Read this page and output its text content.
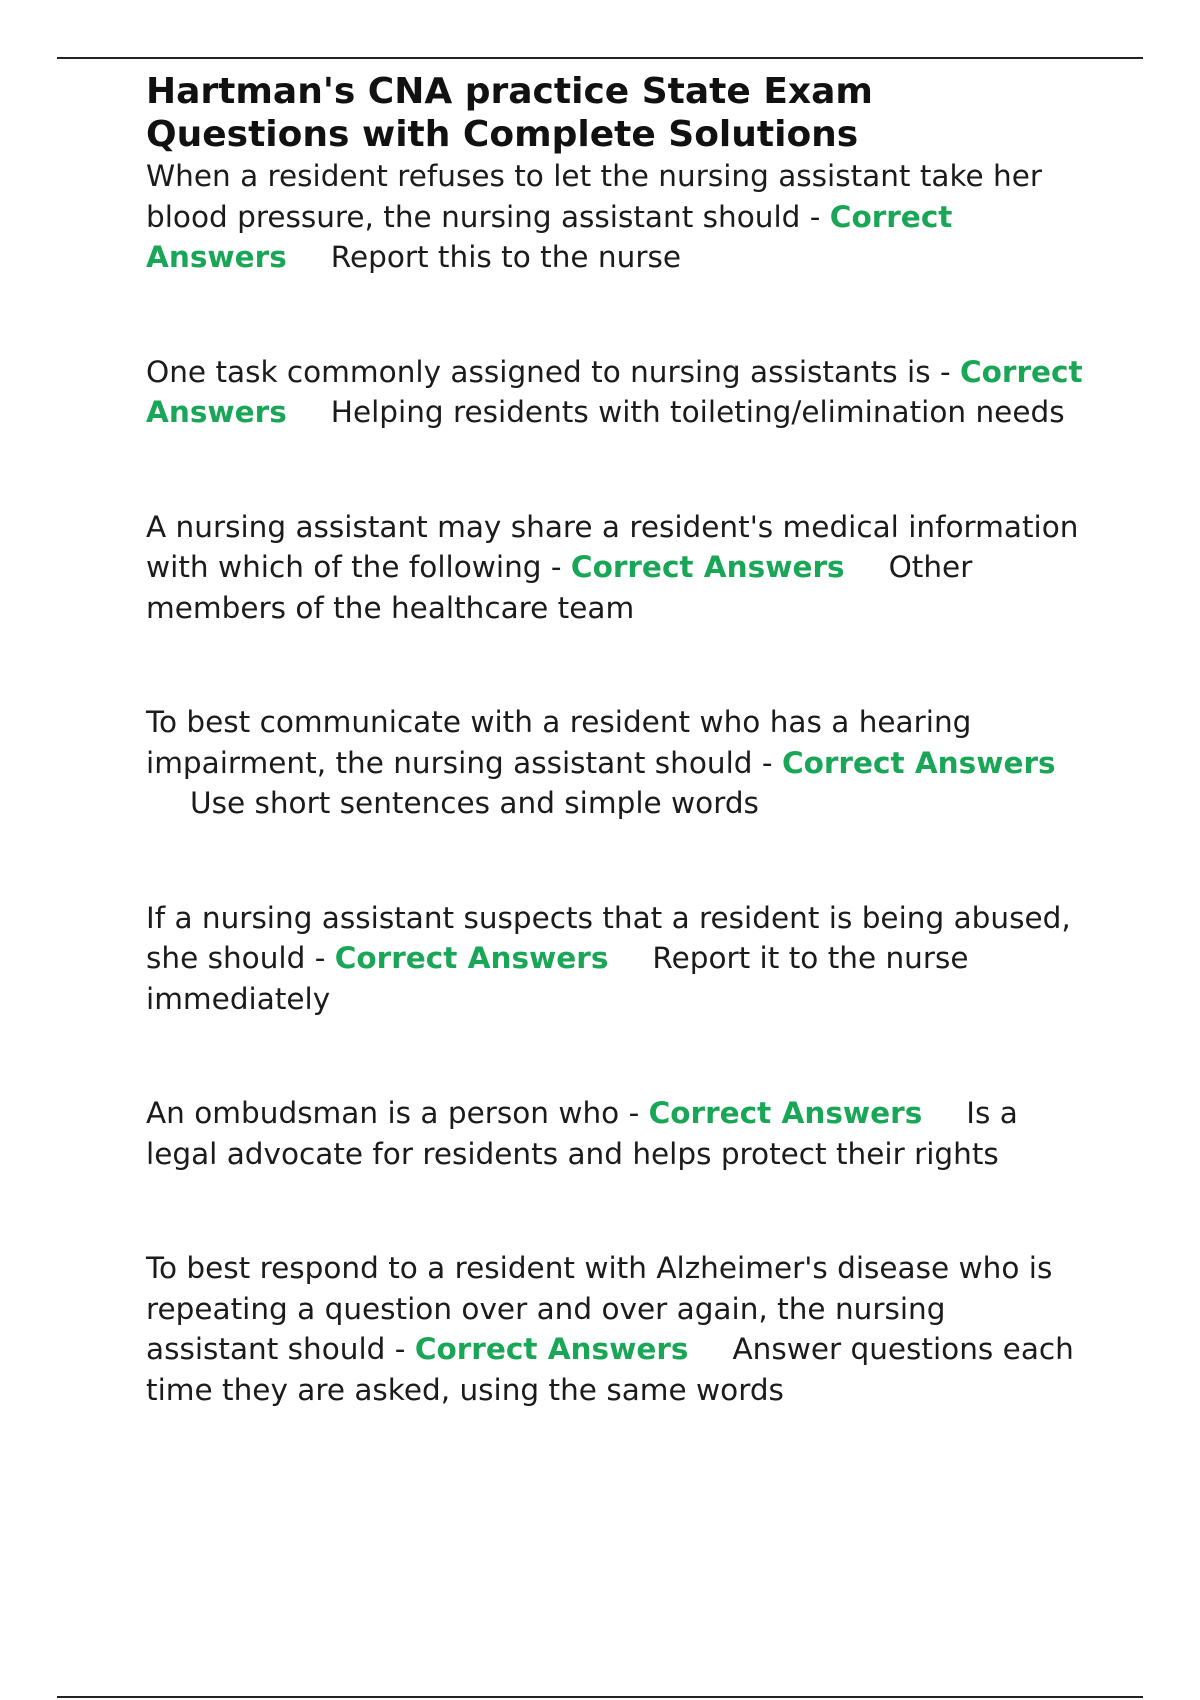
Hartman's CNA practice State Exam Questions with Complete Solutions

When a resident refuses to let the nursing assistant take her blood pressure, the nursing assistant should - Correct Answers Report this to the nurse

One task commonly assigned to nursing assistants is - Correct Answers Helping residents with toileting/elimination needs

A nursing assistant may share a resident's medical information with which of the following - Correct Answers Other members of the healthcare team

To best communicate with a resident who has a hearing impairment, the nursing assistant should - Correct AnswersUse short sentences and simple words

If a nursing assistant suspects that a resident is being abused, she should - Correct Answers Report it to the nurse immediately

An ombudsman is a person who - Correct Answers Is a legal advocate for residents and helps protect their rights

To best respond to a resident with Alzheimer's disease who is repeating a question over and over again, the nursing assistant should - Correct Answers Answer questions each time they are asked, using the same words
